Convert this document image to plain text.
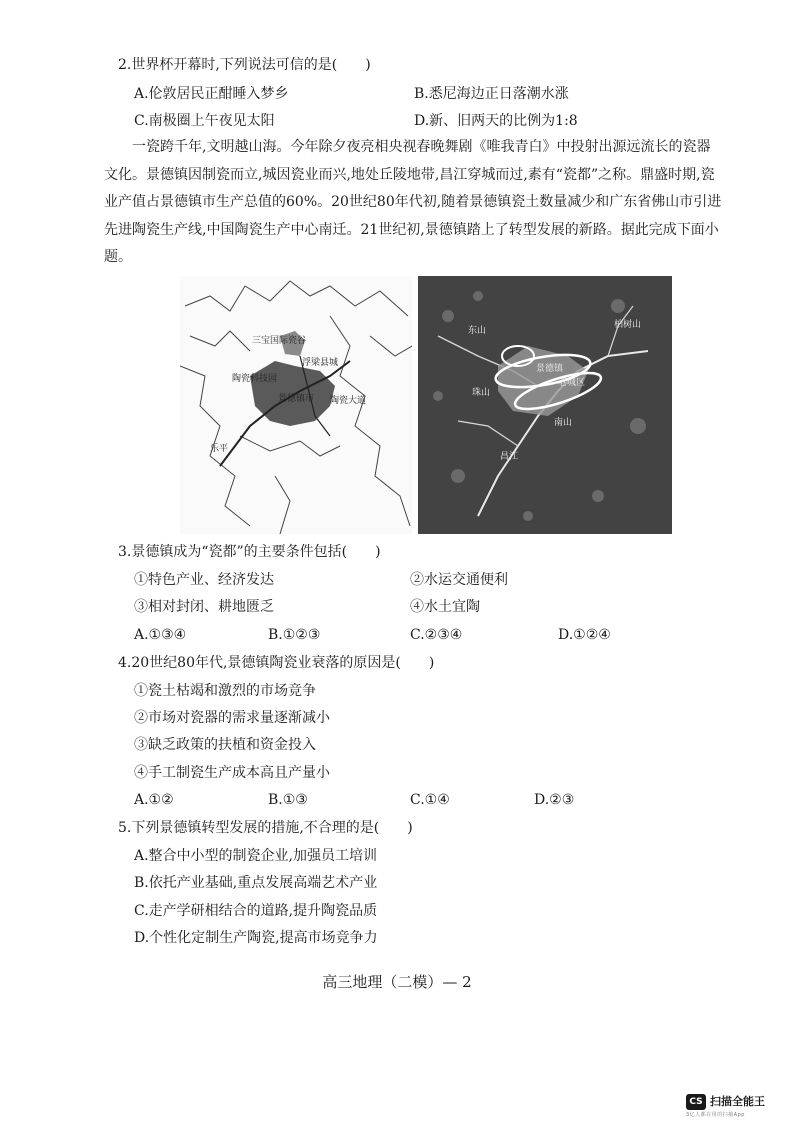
2.世界杯开幕时,下列说法可信的是(　　)
A.伦敦居民正酣睡入梦乡	B.悉尼海边正日落潮水涨
C.南极圈上午夜见太阳	D.新、旧两天的比例为1:8
一瓷跨千年,文明越山海。今年除夕夜亮相央视春晚舞剧《唯我青白》中投射出源远流长的瓷器文化。景德镇因制瓷而立,城因瓷业而兴,地处丘陵地带,昌江穿城而过,素有“瓷都”之称。鼎盛时期,瓷业产值占景德镇市生产总值的60%。20世纪80年代初,随着景德镇瓷土数量减少和广东省佛山市引进先进陶瓷生产线,中国陶瓷生产中心南迁。21世纪初,景德镇踏上了转型发展的新路。据此完成下面小题。
三宝国际瓷谷
浮梁县城
陶瓷科技园
景德镇市
乐平
陶瓷大道
东山
柏树山
景德镇
南山
老城区
珠山
昌江
3.景德镇成为“瓷都”的主要条件包括(　　)
①特色产业、经济发达	②水运交通便利
③相对封闭、耕地匮乏	④水土宜陶
A.①③④	B.①②③	C.②③④	D.①②④
4.20世纪80年代,景德镇陶瓷业衰落的原因是(　　)
①瓷土枯竭和激烈的市场竞争
②市场对瓷器的需求量逐渐减小
③缺乏政策的扶植和资金投入
④手工制瓷生产成本高且产量小
A.①②	B.①③	C.①④	D.②③
5.下列景德镇转型发展的措施,不合理的是(　　)
A.整合中小型的制瓷企业,加强员工培训
B.依托产业基础,重点发展高端艺术产业
C.走产学研相结合的道路,提升陶瓷品质
D.个性化定制生产陶瓷,提高市场竞争力
高三地理（二模）— 2
CS 扫描全能王
3亿人都在用的扫描App
